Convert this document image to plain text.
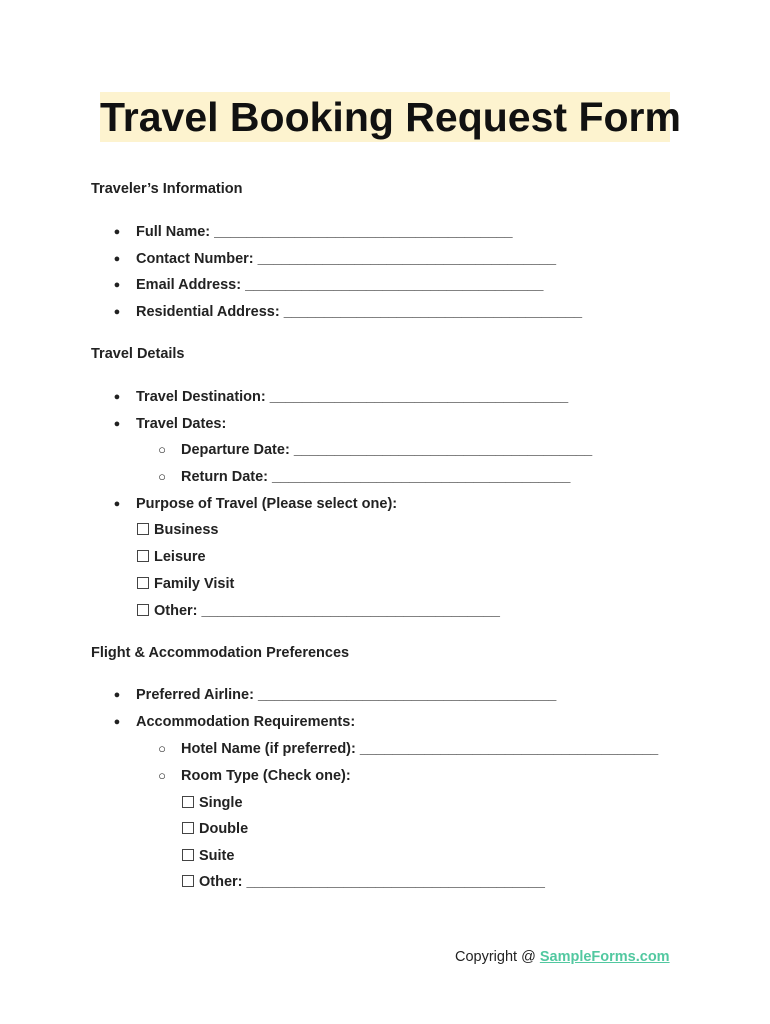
Travel Booking Request Form
Traveler’s Information
● Full Name: _____________________________________
● Contact Number: _____________________________________
● Email Address: _____________________________________
● Residential Address: _____________________________________
Travel Details
● Travel Destination: _____________________________________
● Travel Dates:
○ Departure Date: _____________________________________
○ Return Date: _____________________________________
● Purpose of Travel (Please select one):
Business
Leisure
Family Visit
Other: _____________________________________
Flight & Accommodation Preferences
● Preferred Airline: _____________________________________
● Accommodation Requirements:
○ Hotel Name (if preferred): _____________________________________
○ Room Type (Check one):
Single
Double
Suite
Other: _____________________________________
Copyright @ SampleForms.com
